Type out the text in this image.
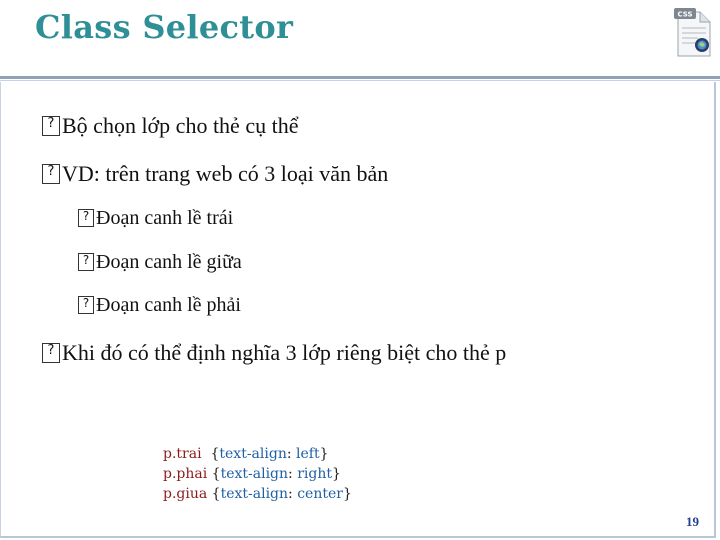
Class Selector	CSS
?Bộ chọn lớp cho thẻ cụ thể
?VD: trên trang web có 3 loại văn bản
?Đoạn canh lề trái
?Đoạn canh lề giữa
?Đoạn canh lề phải
?Khi đó có thể định nghĩa 3 lớp riêng biệt cho thẻ p
p.trai {text-align: left}
p.phai {text-align: right}
p.giua {text-align: center}
19
